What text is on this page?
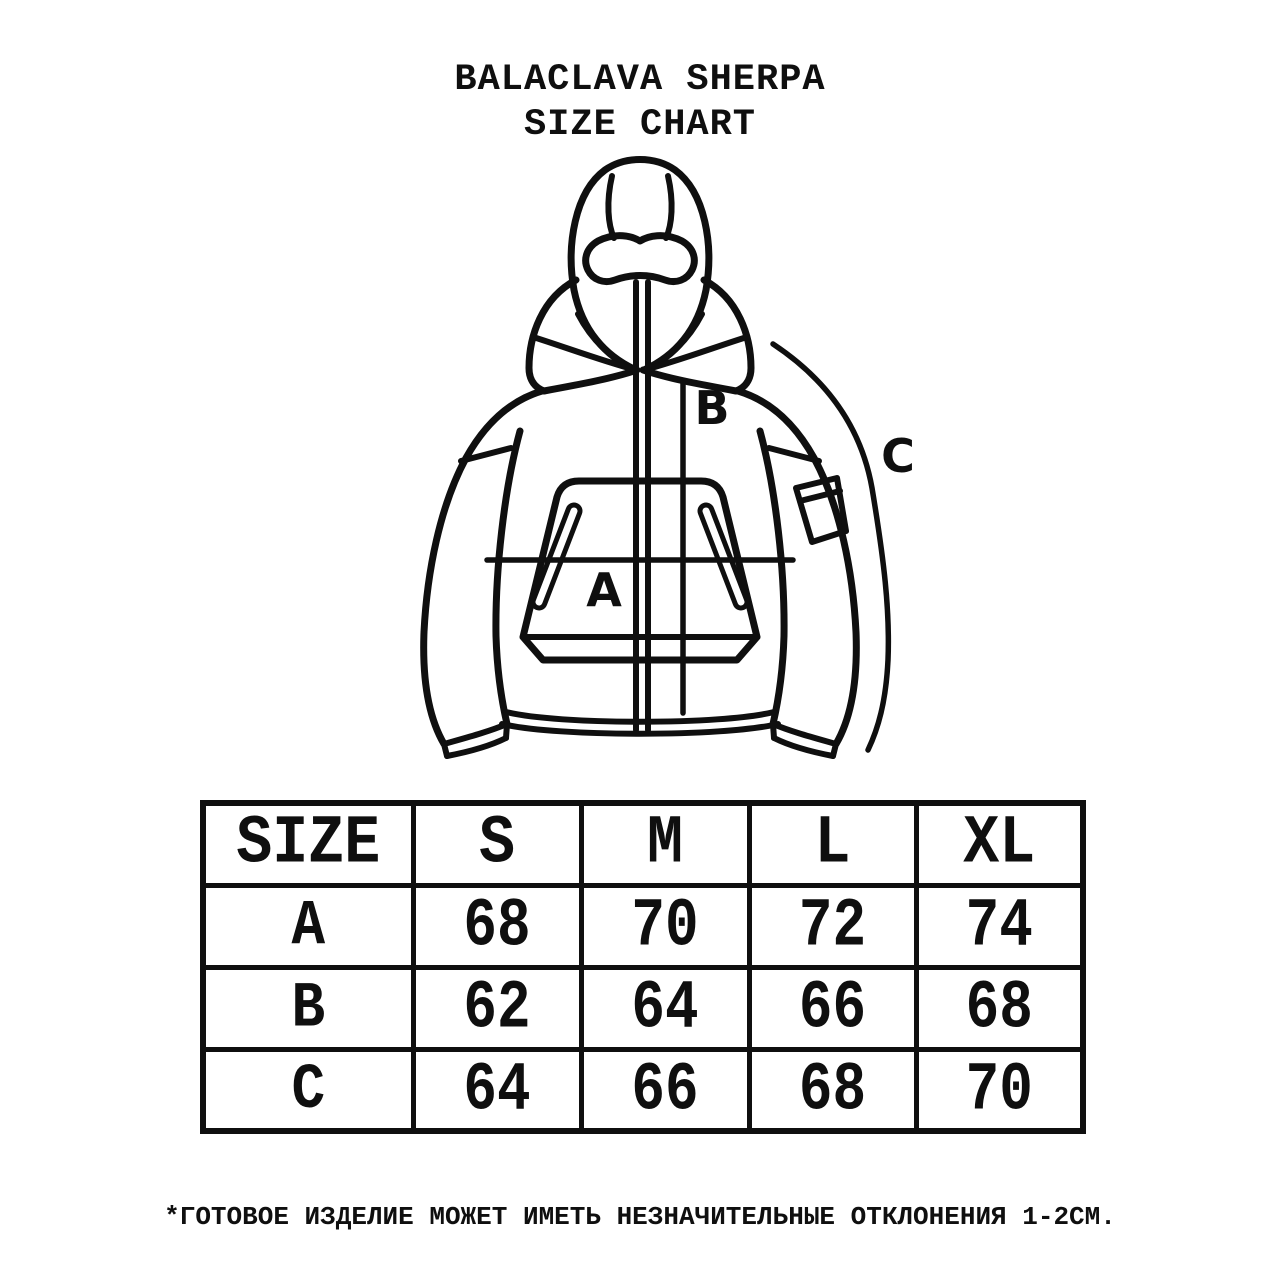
BALACLAVA SHERPA
SIZE CHART
A
B
C
SIZE	S	M	L	XL
A	68	70	72	74
B	62	64	66	68
C	64	66	68	70
*ГОТОВОЕ ИЗДЕЛИЕ МОЖЕТ ИМЕТЬ НЕЗНАЧИТЕЛЬНЫЕ ОТКЛОНЕНИЯ 1-2СМ.
